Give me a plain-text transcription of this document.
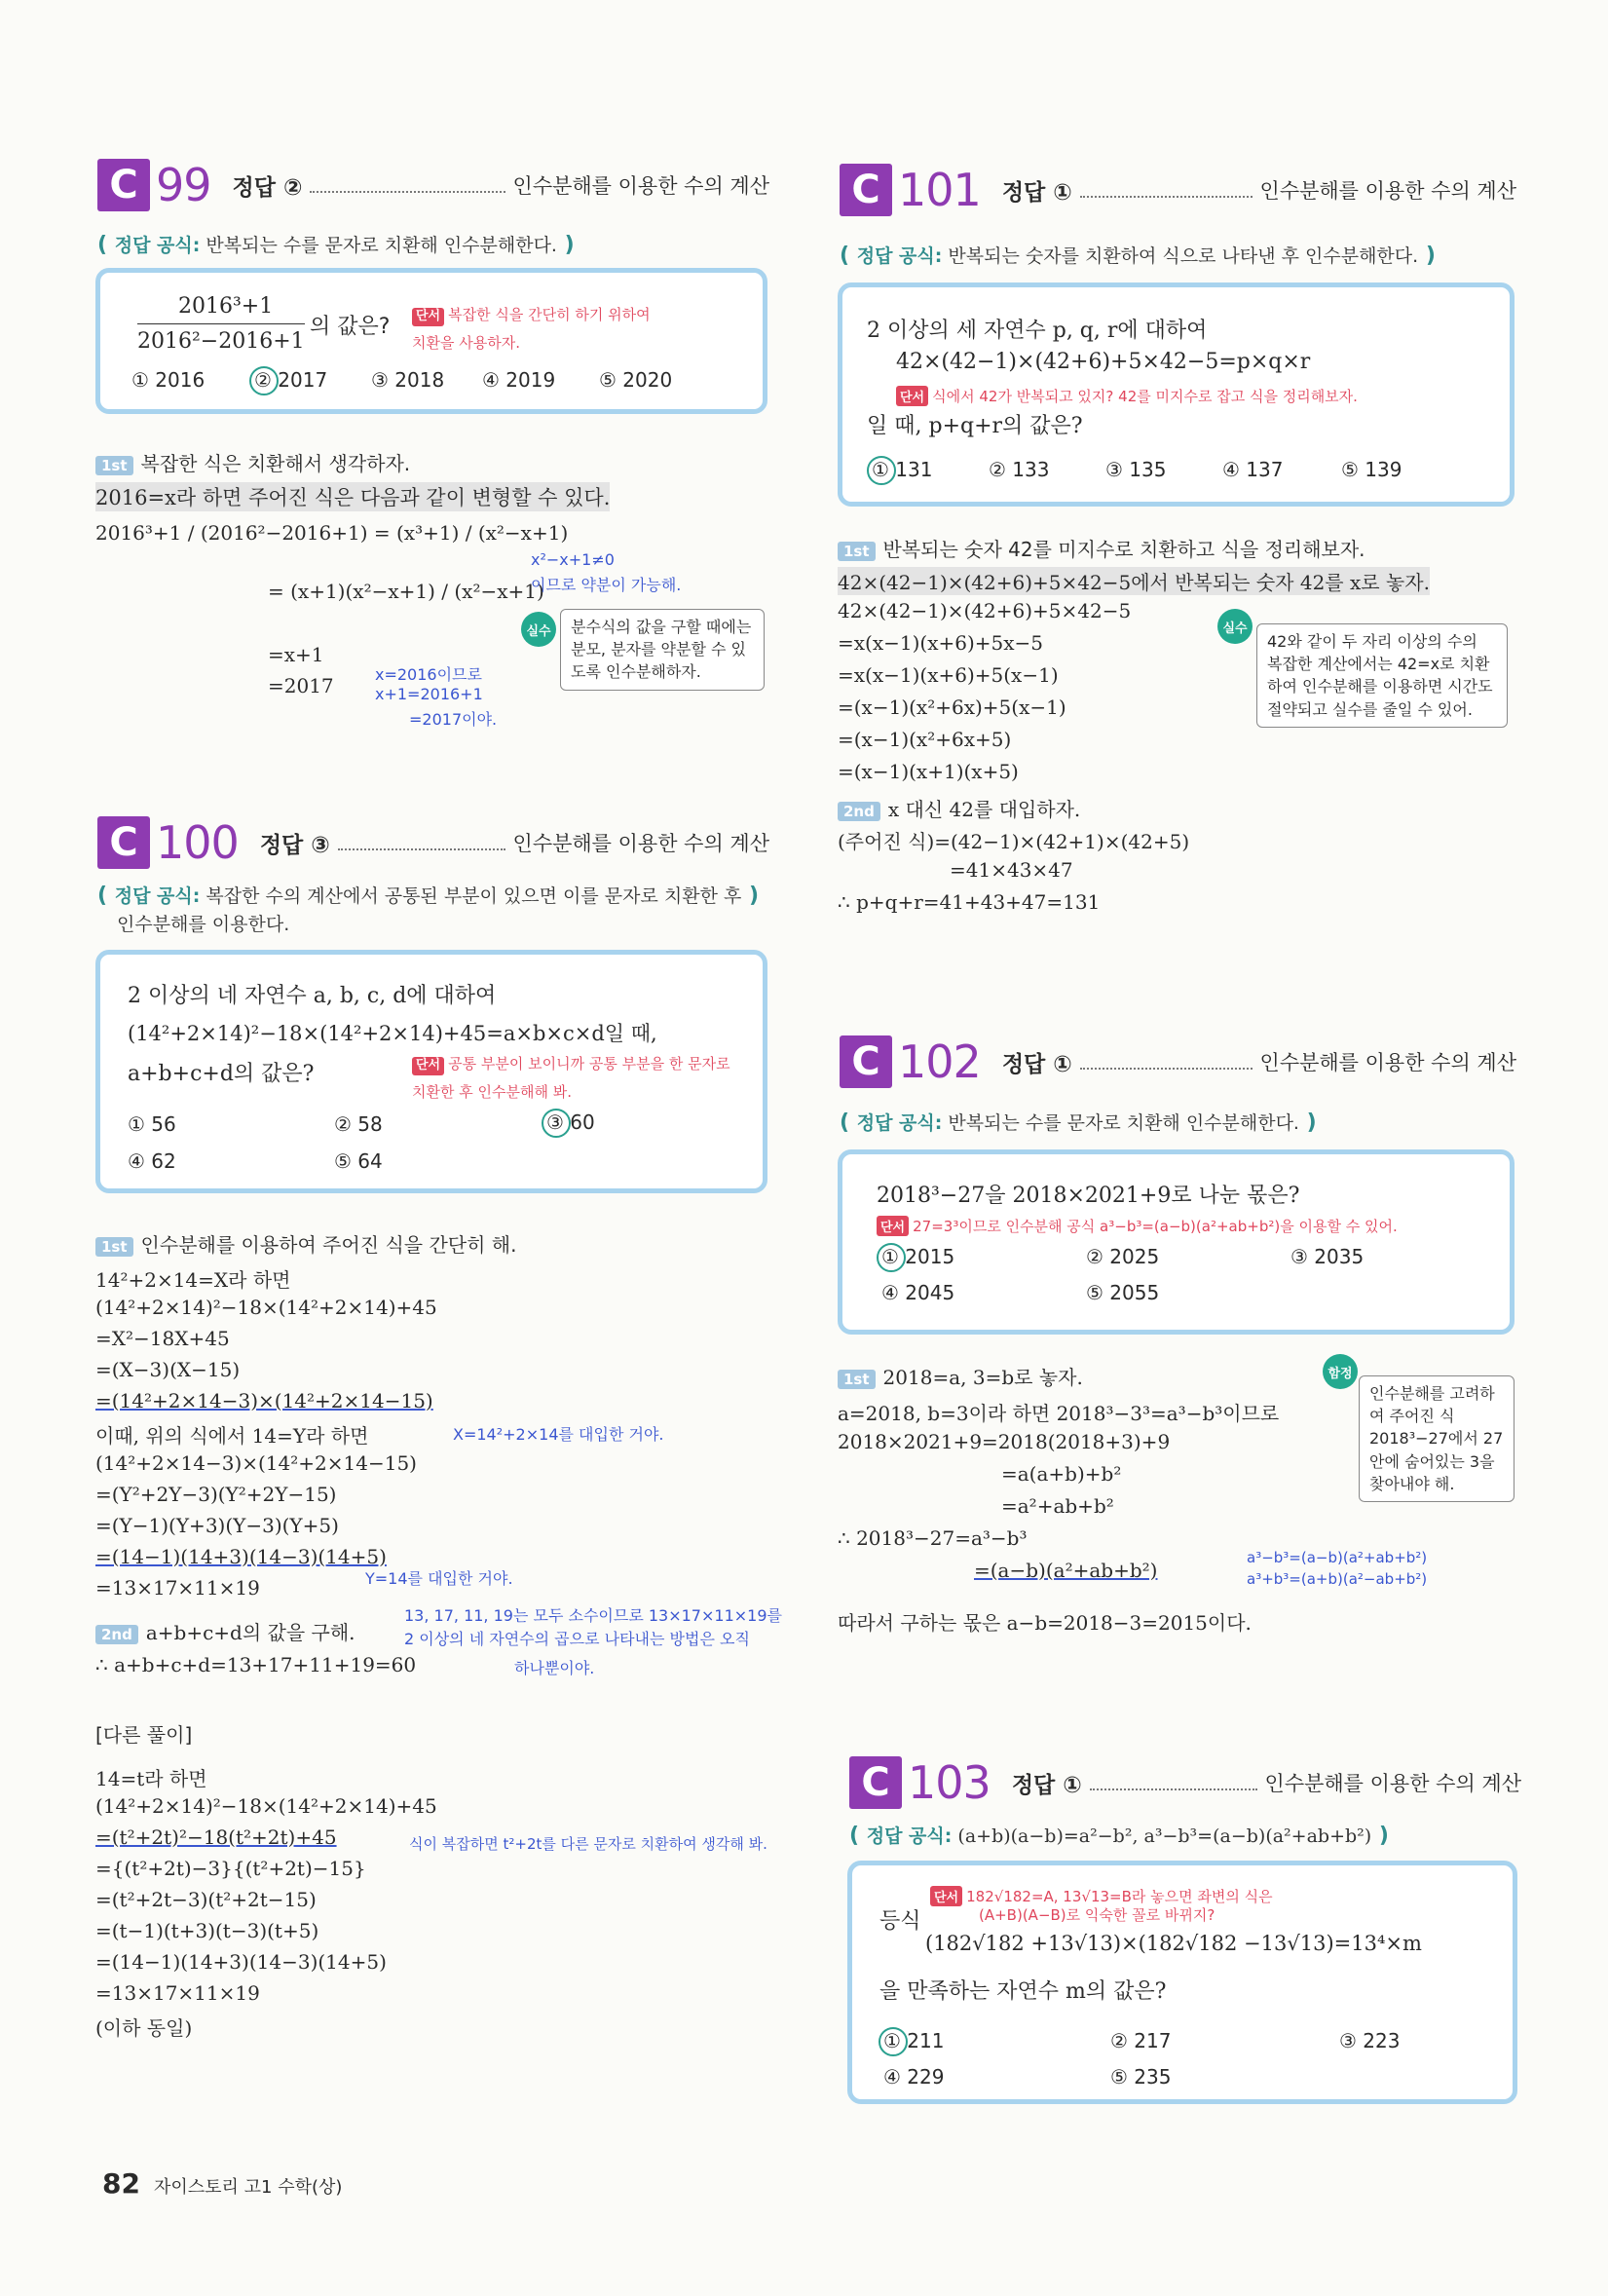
C 99 정답 ②	인수분해를 이용한 수의 계산
( 정답 공식: 반복되는 수를 문자로 치환해 인수분해한다. )
2016³+1
2016²−2016+1
의 값은?	단서 복잡한 식을 간단히 하기 위하여 치환을 사용하자.
① 2016	② 2017 ③ 2018 ④ 2019 ⑤ 2020
1st 복잡한 식은 치환해서 생각하자.
2016=x라 하면 주어진 식은 다음과 같이 변형할 수 있다.
2016³+1 / (2016²−2016+1) = (x³+1) / (x²−x+1)
= (x+1)(x²−x+1) / (x²−x+1)
=x+1
=2017
x²−x+1≠0
이므로 약분이 가능해.
x=2016이므로
x+1=2016+1
=2017이야.
실수	분수식의 값을 구할 때에는 분모, 분자를 약분할 수 있도록 인수분해하자.
C 100 정답 ③	인수분해를 이용한 수의 계산
( 정답 공식: 복잡한 수의 계산에서 공통된 부분이 있으면 이를 문자로 치환한 후 )
인수분해를 이용한다.
2 이상의 네 자연수 a, b, c, d에 대하여
(14²+2×14)²−18×(14²+2×14)+45=a×b×c×d일 때,
a+b+c+d의 값은?	단서 공통 부분이 보이니까 공통 부분을 한 문자로 치환한 후 인수분해해 봐.
① 56	② 58	③ 60
④ 62	⑤ 64
1st 인수분해를 이용하여 주어진 식을 간단히 해.
14²+2×14=X라 하면
(14²+2×14)²−18×(14²+2×14)+45
=X²−18X+45
=(X−3)(X−15)
=(14²+2×14−3)×(14²+2×14−15)
이때, 위의 식에서 14=Y라 하면
(14²+2×14−3)×(14²+2×14−15)
=(Y²+2Y−3)(Y²+2Y−15)
=(Y−1)(Y+3)(Y−3)(Y+5)
=(14−1)(14+3)(14−3)(14+5)
=13×17×11×19
X=14²+2×14를 대입한 거야.
Y=14를 대입한 거야.
13, 17, 11, 19는 모두 소수이므로 13×17×11×19를
2 이상의 네 자연수의 곱으로 나타내는 방법은 오직
하나뿐이야.
2nd a+b+c+d의 값을 구해.
∴ a+b+c+d=13+17+11+19=60
[다른 풀이]
14=t라 하면
(14²+2×14)²−18×(14²+2×14)+45
=(t²+2t)²−18(t²+2t)+45
={(t²+2t)−3}{(t²+2t)−15}
=(t²+2t−3)(t²+2t−15)
=(t−1)(t+3)(t−3)(t+5)
=(14−1)(14+3)(14−3)(14+5)
=13×17×11×19
(이하 동일)
식이 복잡하면 t²+2t를 다른 문자로 치환하여 생각해 봐.
C 101 정답 ①	인수분해를 이용한 수의 계산
( 정답 공식: 반복되는 숫자를 치환하여 식으로 나타낸 후 인수분해한다. )
2 이상의 세 자연수 p, q, r에 대하여
42×(42−1)×(42+6)+5×42−5=p×q×r
단서 식에서 42가 반복되고 있지? 42를 미지수로 잡고 식을 정리해보자.
일 때, p+q+r의 값은?
① 131	② 133	③ 135	④ 137	⑤ 139
1st 반복되는 숫자 42를 미지수로 치환하고 식을 정리해보자.
42×(42−1)×(42+6)+5×42−5에서 반복되는 숫자 42를 x로 놓자.
42×(42−1)×(42+6)+5×42−5
=x(x−1)(x+6)+5x−5
=x(x−1)(x+6)+5(x−1)
=(x−1)(x²+6x)+5(x−1)
=(x−1)(x²+6x+5)
=(x−1)(x+1)(x+5)
실수
42와 같이 두 자리 이상의 수의 복잡한 계산에서는 42=x로 치환하여 인수분해를 이용하면 시간도 절약되고 실수를 줄일 수 있어.
2nd x 대신 42를 대입하자.
(주어진 식)=(42−1)×(42+1)×(42+5)
=41×43×47
∴ p+q+r=41+43+47=131
C 102 정답 ①	인수분해를 이용한 수의 계산
( 정답 공식: 반복되는 수를 문자로 치환해 인수분해한다. )
2018³−27을 2018×2021+9로 나눈 몫은?
단서 27=3³이므로 인수분해 공식 a³−b³=(a−b)(a²+ab+b²)을 이용할 수 있어.
① 2015	② 2025	③ 2035
④ 2045	⑤ 2055
1st 2018=a, 3=b로 놓자.
a=2018, b=3이라 하면 2018³−3³=a³−b³이므로
2018×2021+9=2018(2018+3)+9
=a(a+b)+b²
=a²+ab+b²
∴ 2018³−27=a³−b³
=(a−b)(a²+ab+b²)
a³−b³=(a−b)(a²+ab+b²)
a³+b³=(a+b)(a²−ab+b²)
함정
인수분해를 고려하여 주어진 식 2018³−27에서 27 안에 숨어있는 3을 찾아내야 해.
따라서 구하는 몫은 a−b=2018−3=2015이다.
C 103 정답 ①	인수분해를 이용한 수의 계산
( 정답 공식: (a+b)(a−b)=a²−b², a³−b³=(a−b)(a²+ab+b²) )
등식
단서 182√182=A, 13√13=B라 놓으면 좌변의 식은
(A+B)(A−B)로 익숙한 꼴로 바뀌지?
(182√182 +13√13)×(182√182 −13√13)=13⁴×m
을 만족하는 자연수 m의 값은?
① 211	② 217	③ 223
④ 229	⑤ 235
82 자이스토리 고1 수학(상)
